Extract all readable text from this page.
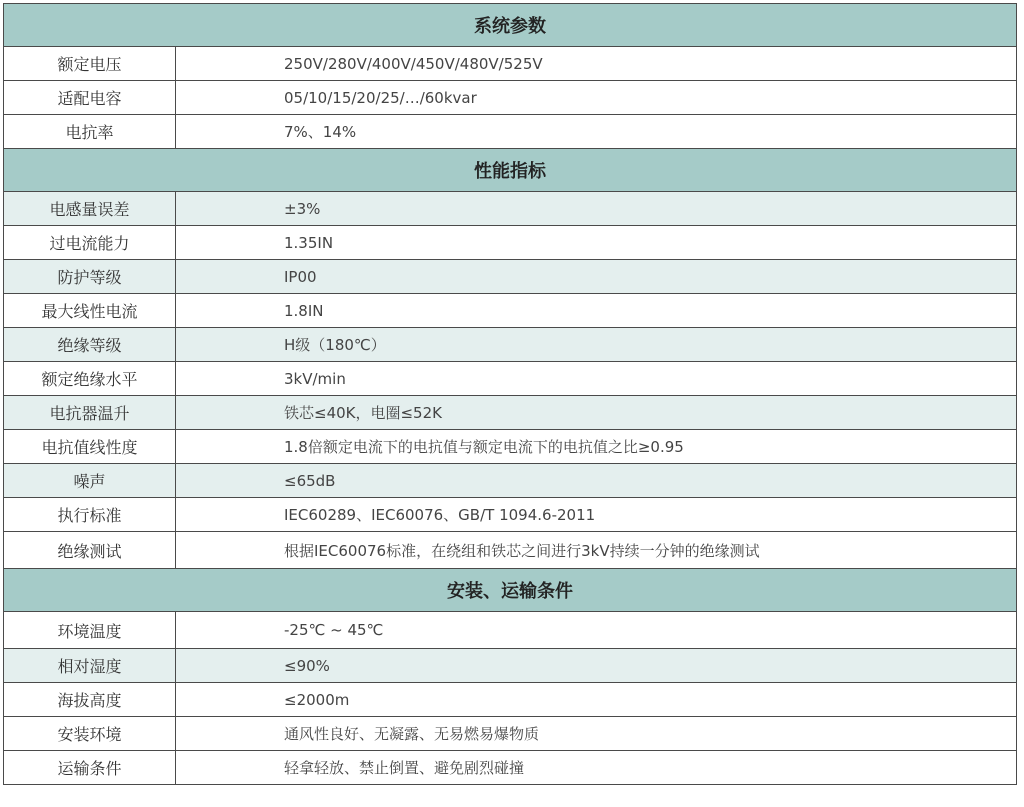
系统参数	
额定电压	250V/280V/400V/450V/480V/525V
适配电容	05/10/15/20/25/…/60kvar
电抗率	7%、14%
性能指标	
电感量误差	±3%
过电流能力	1.35IN
防护等级	IP00
最大线性电流	1.8IN
绝缘等级	H级（180℃）
额定绝缘水平	3kV/min
电抗器温升	铁芯≤40K，电圈≤52K
电抗值线性度	1.8倍额定电流下的电抗值与额定电流下的电抗值之比≥0.95
噪声	≤65dB
执行标准	IEC60289、IEC60076、GB/T 1094.6-2011
绝缘测试	根据IEC60076标准，在绕组和铁芯之间进行3kV持续一分钟的绝缘测试
安装、运输条件	
环境温度	-25℃ ~ 45℃
相对湿度	≤90%
海拔高度	≤2000m
安装环境	通风性良好、无凝露、无易燃易爆物质
运输条件	轻拿轻放、禁止倒置、避免剧烈碰撞
